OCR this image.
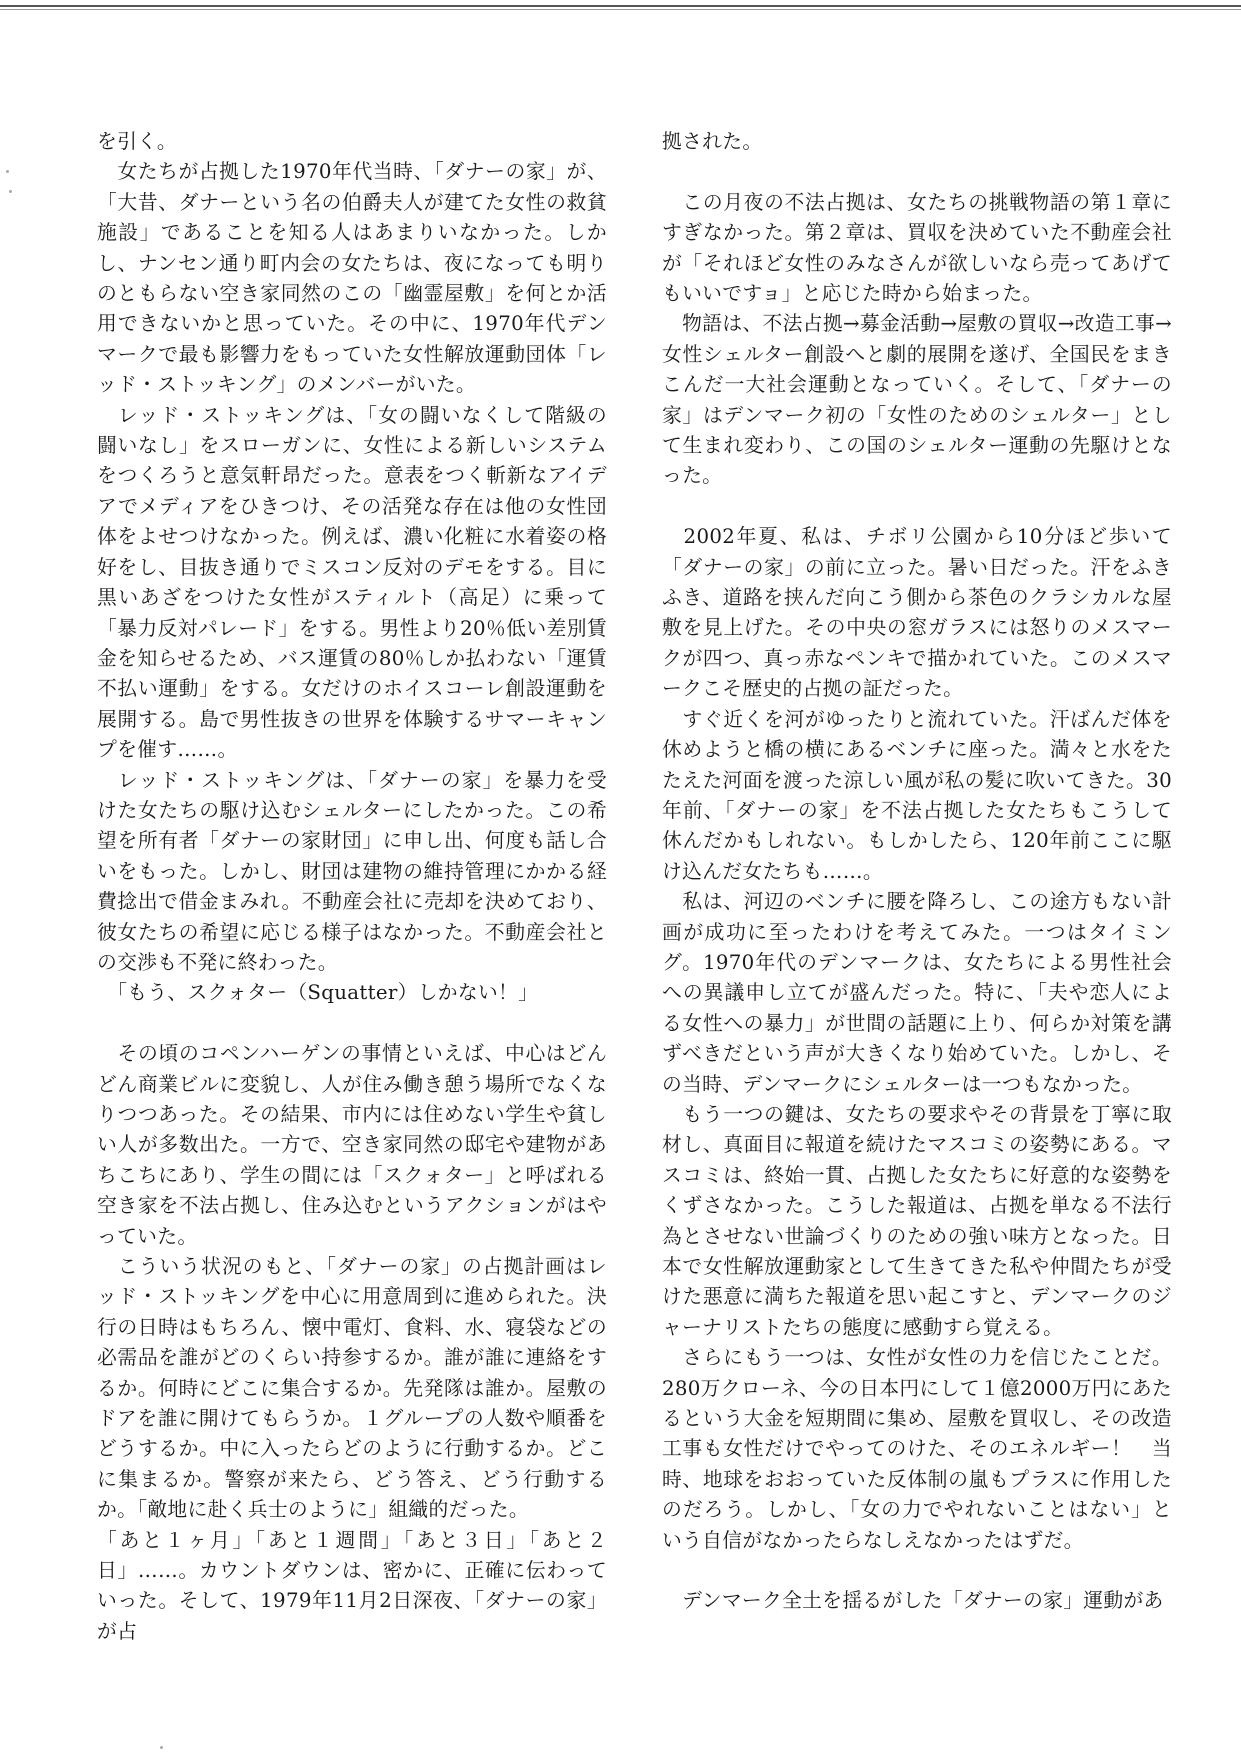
を引く。

　女たちが占拠した1970年代当時、「ダナーの家」が、「大昔、ダナーという名の伯爵夫人が建てた女性の救貧施設」であることを知る人はあまりいなかった。しかし、ナンセン通り町内会の女たちは、夜になっても明りのともらない空き家同然のこの「幽霊屋敷」を何とか活用できないかと思っていた。その中に、1970年代デンマークで最も影響力をもっていた女性解放運動団体「レッド・ストッキング」のメンバーがいた。

　レッド・ストッキングは、「女の闘いなくして階級の闘いなし」をスローガンに、女性による新しいシステムをつくろうと意気軒昂だった。意表をつく斬新なアイデアでメディアをひきつけ、その活発な存在は他の女性団体をよせつけなかった。例えば、濃い化粧に水着姿の格好をし、目抜き通りでミスコン反対のデモをする。目に黒いあざをつけた女性がスティルト（高足）に乗って「暴力反対パレード」をする。男性より20％低い差別賃金を知らせるため、バス運賃の80％しか払わない「運賃不払い運動」をする。女だけのホイスコーレ創設運動を展開する。島で男性抜きの世界を体験するサマーキャンプを催す……。

　レッド・ストッキングは、「ダナーの家」を暴力を受けた女たちの駆け込むシェルターにしたかった。この希望を所有者「ダナーの家財団」に申し出、何度も話し合いをもった。しかし、財団は建物の維持管理にかかる経費捻出で借金まみれ。不動産会社に売却を決めており、彼女たちの希望に応じる様子はなかった。不動産会社との交渉も不発に終わった。

　「もう、スクォター（Squatter）しかない！」

　その頃のコペンハーゲンの事情といえば、中心はどんどん商業ビルに変貌し、人が住み働き憩う場所でなくなりつつあった。その結果、市内には住めない学生や貧しい人が多数出た。一方で、空き家同然の邸宅や建物があちこちにあり、学生の間には「スクォター」と呼ばれる空き家を不法占拠し、住み込むというアクションがはやっていた。

　こういう状況のもと、「ダナーの家」の占拠計画はレッド・ストッキングを中心に用意周到に進められた。決行の日時はもちろん、懐中電灯、食料、水、寝袋などの必需品を誰がどのくらい持参するか。誰が誰に連絡をするか。何時にどこに集合するか。先発隊は誰か。屋敷のドアを誰に開けてもらうか。１グループの人数や順番をどうするか。中に入ったらどのように行動するか。どこに集まるか。警察が来たら、どう答え、どう行動するか。「敵地に赴く兵士のように」組織的だった。

「あと１ヶ月」「あと１週間」「あと３日」「あと２日」……。カウントダウンは、密かに、正確に伝わっていった。そして、1979年11月2日深夜、「ダナーの家」が占

拠された。

　この月夜の不法占拠は、女たちの挑戦物語の第１章にすぎなかった。第２章は、買収を決めていた不動産会社が「それほど女性のみなさんが欲しいなら売ってあげてもいいですョ」と応じた時から始まった。

　物語は、不法占拠→募金活動→屋敷の買収→改造工事→女性シェルター創設へと劇的展開を遂げ、全国民をまきこんだ一大社会運動となっていく。そして、「ダナーの家」はデンマーク初の「女性のためのシェルター」として生まれ変わり、この国のシェルター運動の先駆けとなった。

　2002年夏、私は、チボリ公園から10分ほど歩いて「ダナーの家」の前に立った。暑い日だった。汗をふきふき、道路を挟んだ向こう側から茶色のクラシカルな屋敷を見上げた。その中央の窓ガラスには怒りのメスマークが四つ、真っ赤なペンキで描かれていた。このメスマークこそ歴史的占拠の証だった。

　すぐ近くを河がゆったりと流れていた。汗ばんだ体を休めようと橋の横にあるベンチに座った。満々と水をたたえた河面を渡った涼しい風が私の髪に吹いてきた。30年前、「ダナーの家」を不法占拠した女たちもこうして休んだかもしれない。もしかしたら、120年前ここに駆け込んだ女たちも……。

　私は、河辺のベンチに腰を降ろし、この途方もない計画が成功に至ったわけを考えてみた。一つはタイミング。1970年代のデンマークは、女たちによる男性社会への異議申し立てが盛んだった。特に、「夫や恋人による女性への暴力」が世間の話題に上り、何らか対策を講ずべきだという声が大きくなり始めていた。しかし、その当時、デンマークにシェルターは一つもなかった。

　もう一つの鍵は、女たちの要求やその背景を丁寧に取材し、真面目に報道を続けたマスコミの姿勢にある。マスコミは、終始一貫、占拠した女たちに好意的な姿勢をくずさなかった。こうした報道は、占拠を単なる不法行為とさせない世論づくりのための強い味方となった。日本で女性解放運動家として生きてきた私や仲間たちが受けた悪意に満ちた報道を思い起こすと、デンマークのジャーナリストたちの態度に感動すら覚える。

　さらにもう一つは、女性が女性の力を信じたことだ。280万クローネ、今の日本円にして１億2000万円にあたるという大金を短期間に集め、屋敷を買収し、その改造工事も女性だけでやってのけた、そのエネルギー！　当時、地球をおおっていた反体制の嵐もプラスに作用したのだろう。しかし、「女の力でやれないことはない」という自信がなかったらなしえなかったはずだ。

　デンマーク全土を揺るがした「ダナーの家」運動があ
